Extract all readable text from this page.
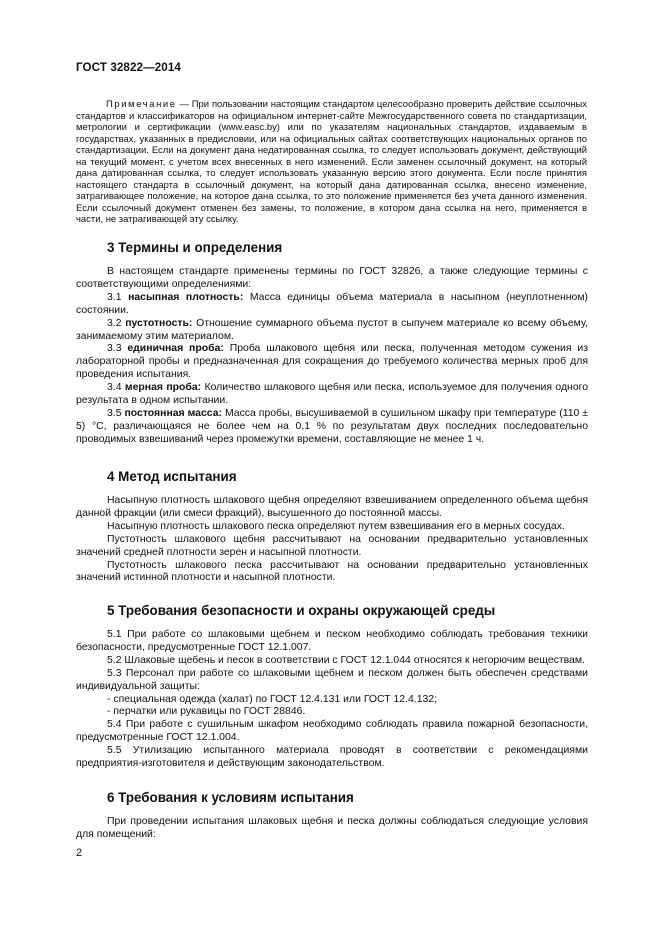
ГОСТ 32822—2014
Примечание — При пользовании настоящим стандартом целесообразно проверить действие ссылочных стандартов и классификаторов на официальном интернет-сайте Межгосударственного совета по стандартизации, метрологии и сертификации (www.easc.by) или по указателям национальных стандартов, издаваемым в государствах, указанных в предисловии, или на официальных сайтах соответствующих национальных органов по стандартизации. Если на документ дана недатированная ссылка, то следует использовать документ, действующий на текущий момент, с учетом всех внесенных в него изменений. Если заменен ссылочный документ, на который дана датированная ссылка, то следует использовать указанную версию этого документа. Если после принятия настоящего стандарта в ссылочный документ, на который дана датированная ссылка, внесено изменение, затрагивающее положение, на которое дана ссылка, то это положение применяется без учета данного изменения. Если ссылочный документ отменен без замены, то положение, в котором дана ссылка на него, применяется в части, не затрагивающей эту ссылку.
3 Термины и определения

В настоящем стандарте применены термины по ГОСТ 32826, а также следующие термины с соответствующими определениями:

3.1 насыпная плотность: Масса единицы объема материала в насыпном (неуплотненном) состоянии.

3.2 пустотность: Отношение суммарного объема пустот в сыпучем материале ко всему объему, занимаемому этим материалом.

3.3 единичная проба: Проба шлакового щебня или песка, полученная методом сужения из лабораторной пробы и предназначенная для сокращения до требуемого количества мерных проб для проведения испытания.

3.4 мерная проба: Количество шлакового щебня или песка, используемое для получения одного результата в одном испытании.

3.5 постоянная масса: Масса пробы, высушиваемой в сушильном шкафу при температуре (110 ± 5) °С, различающаяся не более чем на 0,1 % по результатам двух последних последовательно проводимых взвешиваний через промежутки времени, составляющие не менее 1 ч.

4 Метод испытания

Насыпную плотность шлакового щебня определяют взвешиванием определенного объема щебня данной фракции (или смеси фракций), высушенного до постоянной массы.

Насыпную плотность шлакового песка определяют путем взвешивания его в мерных сосудах.

Пустотность шлакового щебня рассчитывают на основании предварительно установленных значений средней плотности зерен и насыпной плотности.

Пустотность шлакового песка рассчитывают на основании предварительно установленных значений истинной плотности и насыпной плотности.

5 Требования безопасности и охраны окружающей среды

5.1 При работе со шлаковыми щебнем и песком необходимо соблюдать требования техники безопасности, предусмотренные ГОСТ 12.1.007.

5.2 Шлаковые щебень и песок в соответствии с ГОСТ 12.1.044 относятся к негорючим веществам.

5.3 Персонал при работе со шлаковыми щебнем и песком должен быть обеспечен средствами индивидуальной защиты:

- специальная одежда (халат) по ГОСТ 12.4.131 или ГОСТ 12.4.132;

- перчатки или рукавицы по ГОСТ 28846.

5.4 При работе с сушильным шкафом необходимо соблюдать правила пожарной безопасности, предусмотренные ГОСТ 12.1.004.

5.5 Утилизацию испытанного материала проводят в соответствии с рекомендациями предприятия-изготовителя и действующим законодательством.

6 Требования к условиям испытания

При проведении испытания шлаковых щебня и песка должны соблюдаться следующие условия для помещений:

2
